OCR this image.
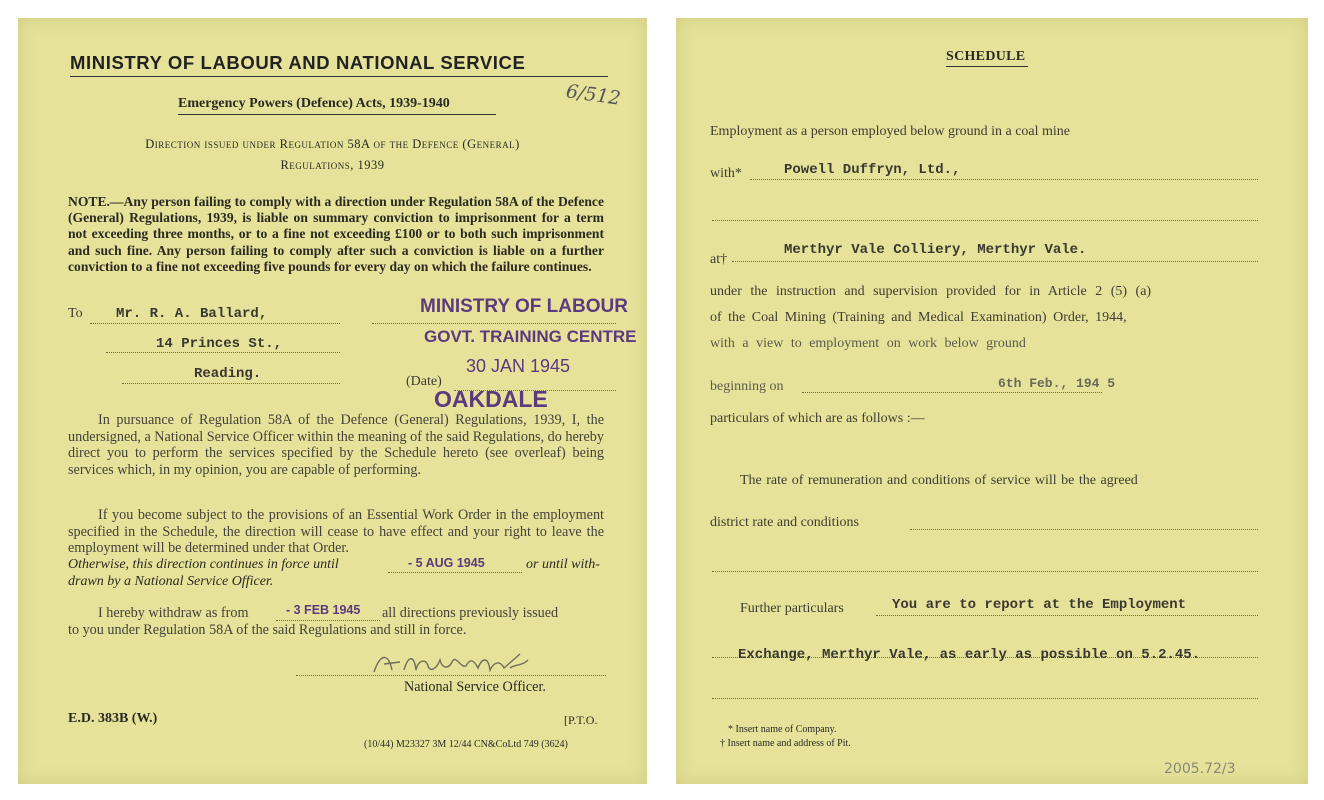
MINISTRY OF LABOUR AND NATIONAL SERVICE
6/512
Emergency Powers (Defence) Acts, 1939-1940
Direction issued under Regulation 58A of the Defence (General)
Regulations, 1939

NOTE.—Any person failing to comply with a direction under Regulation 58A of the Defence (General) Regulations, 1939, is liable on summary conviction to imprisonment for a term not exceeding three months, or to a fine not exceeding £100 or to both such imprisonment and such fine. Any person failing to comply after such a conviction is liable on a further conviction to a fine not exceeding five pounds for every day on which the failure continues.

To Mr. R. A. Ballard,
14 Princes St.,
Reading.
MINISTRY OF LABOUR
GOVT. TRAINING CENTRE
30 JAN 1945
(Date)
OAKDALE

In pursuance of Regulation 58A of the Defence (General) Regulations, 1939, I, the undersigned, a National Service Officer within the meaning of the said Regulations, do hereby direct you to perform the services specified by the Schedule hereto (see overleaf) being services which, in my opinion, you are capable of performing.

If you become subject to the provisions of an Essential Work Order in the employment specified in the Schedule, the direction will cease to have effect and your right to leave the employment will be determined under that Order.

Otherwise, this direction continues in force until	- 5 AUG 1945	or until with-
drawn by a National Service Officer.
I hereby withdraw as from	- 3 FEB 1945 all directions previously issued
to you under Regulation 58A of the said Regulations and still in force.
National Service Officer.
E.D. 383B (W.)	[P.T.O.
(10/44) M23327 3M 12/44 CN&CoLtd 749 (3624)
SCHEDULE
Employment as a person employed below ground in a coal mine
with*	Powell Duffryn, Ltd.,
at†
Merthyr Vale Colliery, Merthyr Vale.
under the instruction and supervision provided for in Article 2 (5) (a)
of the Coal Mining (Training and Medical Examination) Order, 1944,
with a view to employment on work below ground
beginning on	6th Feb., 194 5
particulars of which are as follows :—
The rate of remuneration and conditions of service will be the agreed
district rate and conditions
Further particulars	You are to report at the Employment
Exchange, Merthyr Vale, as early as possible on 5.2.45.
* Insert name of Company.
† Insert name and address of Pit.
2005.72/3
